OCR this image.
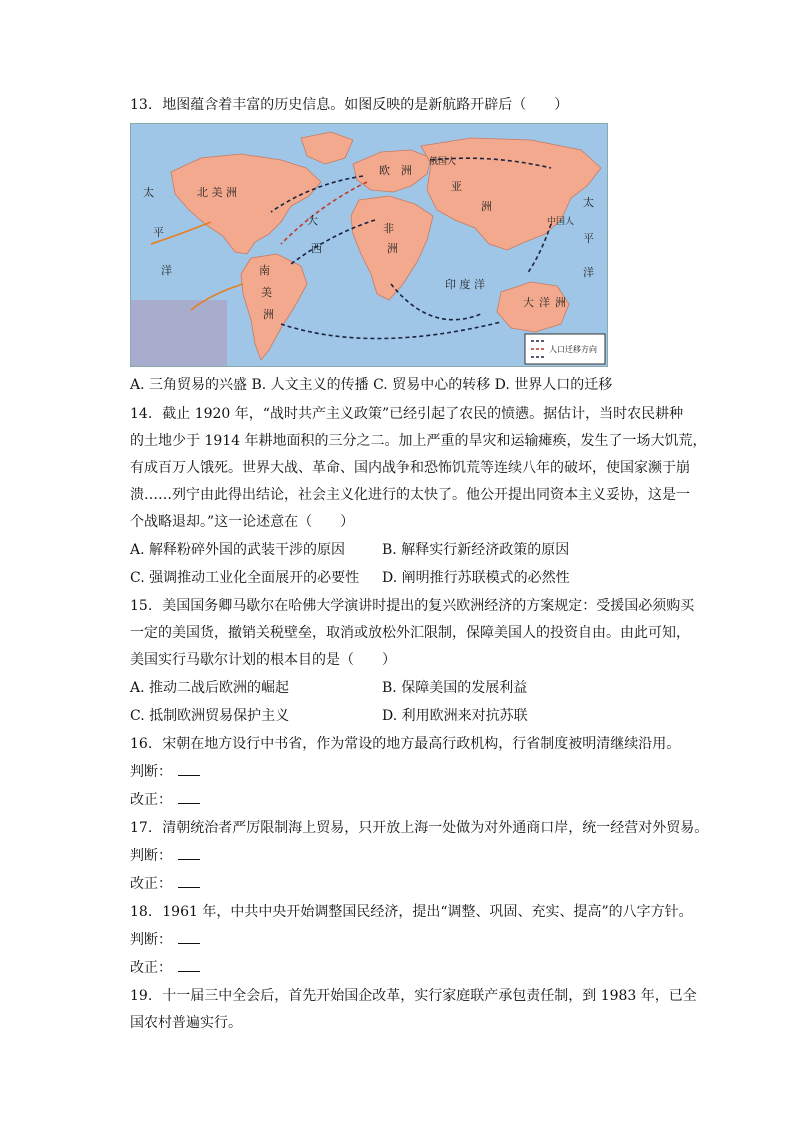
13. 地图蕴含着丰富的历史信息。如图反映的是新航路开辟后（　　）
北 美 洲
南
美
洲
欧 洲
亚
洲
非
洲
大 洋 洲
太
平
洋
太
平
洋
大
西
印 度 洋
俄国人
中国人
人口迁移方向
A. 三角贸易的兴盛 B. 人文主义的传播 C. 贸易中心的转移 D. 世界人口的迁移
14. 截止 1920 年，“战时共产主义政策”已经引起了农民的愤懑。据估计，当时农民耕种
的土地少于 1914 年耕地面积的三分之二。加上严重的旱灾和运输瘫痪，发生了一场大饥荒，
有成百万人饿死。世界大战、革命、国内战争和恐怖饥荒等连续八年的破坏，使国家濒于崩
溃……列宁由此得出结论，社会主义化进行的太快了。他公开提出同资本主义妥协，这是一
个战略退却。”这一论述意在（　　）
A. 解释粉碎外国的武装干涉的原因	B. 解释实行新经济政策的原因
C. 强调推动工业化全面展开的必要性 D. 阐明推行苏联模式的必然性
15. 美国国务卿马歇尔在哈佛大学演讲时提出的复兴欧洲经济的方案规定：受援国必须购买
一定的美国货，撤销关税壁垒，取消或放松外汇限制，保障美国人的投资自由。由此可知，
美国实行马歇尔计划的根本目的是（　　）
A. 推动二战后欧洲的崛起	B. 保障美国的发展利益
C. 抵制欧洲贸易保护主义	D. 利用欧洲来对抗苏联
16. 宋朝在地方设行中书省，作为常设的地方最高行政机构，行省制度被明清继续沿用。
判断：
改正：
17. 清朝统治者严厉限制海上贸易，只开放上海一处做为对外通商口岸，统一经营对外贸易。
判断：
改正：
18. 1961 年，中共中央开始调整国民经济，提出“调整、巩固、充实、提高”的八字方针。
判断：
改正：
19. 十一届三中全会后，首先开始国企改革，实行家庭联产承包责任制，到 1983 年，已全
国农村普遍实行。
